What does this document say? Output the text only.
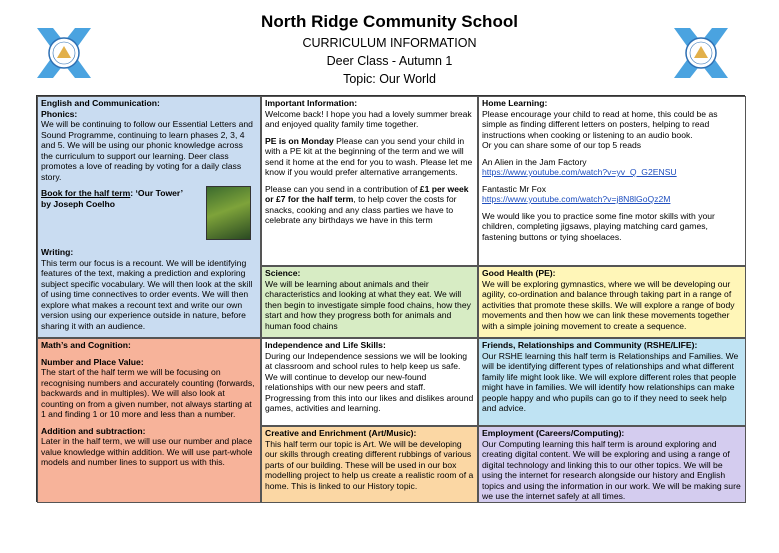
North Ridge Community School
CURRICULUM INFORMATION
Deer Class - Autumn 1
Topic: Our World
English and Communication:
Phonics:

We will be continuing to follow our Essential Letters and Sound Programme, continuing to learn phases 2, 3, 4 and 5. We will be using our phonic knowledge across the curriculum to support our learning. Deer class promotes a love of reading by voting for a daily class story.

Book for the half term: ‘Our Tower’
by Joseph Coelho
Writing:

This term our focus is a recount. We will be identifying features of the text, making a prediction and exploring subject specific vocabulary. We will then look at the skill of using time connectives to order events. We will then explore what makes a recount text and write our own version using our experience outside in nature, before sharing it with an audience.

Important Information:

Welcome back! I hope you had a lovely summer break and enjoyed quality family time together.

PE is on Monday Please can you send your child in with a PE kit at the beginning of the term and we will send it home at the end for you to wash. Please let me know if you would prefer alternative arrangements.

Please can you send in a contribution of £1 per week or £7 for the half term, to help cover the costs for snacks, cooking and any class parties we have to celebrate any birthdays we have in this term

Home Learning:

Please encourage your child to read at home, this could be as simple as finding different letters on posters, helping to read instructions when cooking or listening to an audio book.

Or you can share some of our top 5 reads

An Alien in the Jam Factory

https://www.youtube.com/watch?v=yv_Q_G2ENSU

Fantastic Mr Fox

https://www.youtube.com/watch?v=j8N8lGoQz2M

We would like you to practice some fine motor skills with your children, completing jigsaws, playing matching card games, fastening buttons or tying shoelaces.

Science:

We will be learning about animals and their characteristics and looking at what they eat. We will then begin to investigate simple food chains, how they start and how they progress both for animals and human food chains

Good Health (PE):

We will be exploring gymnastics, where we will be developing our agility, co-ordination and balance through taking part in a range of activities that promote these skills. We will explore a range of body movements and then how we can link these movements together with a simple joining movement to create a sequence.

Math’s and Cognition:
Number and Place Value:

The start of the half term we will be focusing on recognising numbers and accurately counting (forwards, backwards and in multiples). We will also look at counting on from a given number, not always starting at 1 and finding 1 or 10 more and less than a number.

Addition and subtraction:

Later in the half term, we will use our number and place value knowledge within addition. We will use part-whole models and number lines to support us with this.

Independence and Life Skills:

During our Independence sessions we will be looking at classroom and school rules to help keep us safe. We will continue to develop our new-found relationships with our new peers and staff.

Progressing from this into our likes and dislikes around games, activities and learning.

Friends, Relationships and Community (RSHE/LIFE):

Our RSHE learning this half term is Relationships and Families. We will be identifying different types of relationships and what different family life might look like. We will explore different roles that people might have in families. We will identify how relationships can make people happy and who pupils can go to if they need to seek help and advice.

Creative and Enrichment (Art/Music):

This half term our topic is Art. We will be developing our skills through creating different rubbings of various parts of our building. These will be used in our box modelling project to help us create a realistic room of a home. This is linked to our History topic.

Employment (Careers/Computing):

Our Computing learning this half term is around exploring and creating digital content. We will be exploring and using a range of digital technology and linking this to our other topics. We will be using the internet for research alongside our history and English topics and using the information in our work. We will be making sure we use the internet safely at all times.
